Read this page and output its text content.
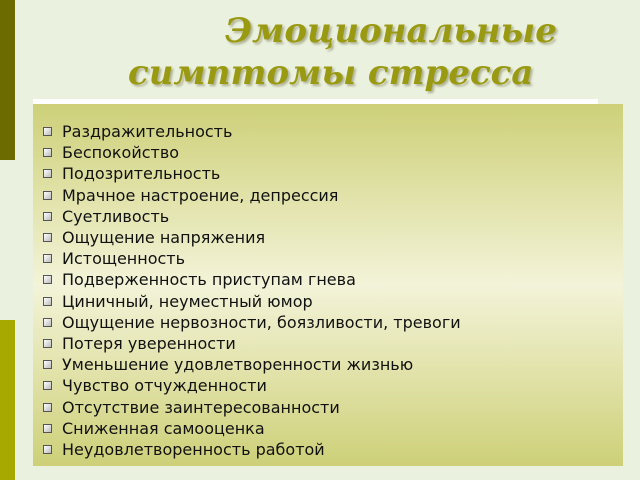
Эмоциональные
симптомы стресса
Раздражительность
Беспокойство
Подозрительность
Мрачное настроение, депрессия
Суетливость
Ощущение напряжения
Истощенность
Подверженность приступам гнева
Циничный, неуместный юмор
Ощущение нервозности, боязливости, тревоги
Потеря уверенности
Уменьшение удовлетворенности жизнью
Чувство отчужденности
Отсутствие заинтересованности
Сниженная самооценка
Неудовлетворенность работой
